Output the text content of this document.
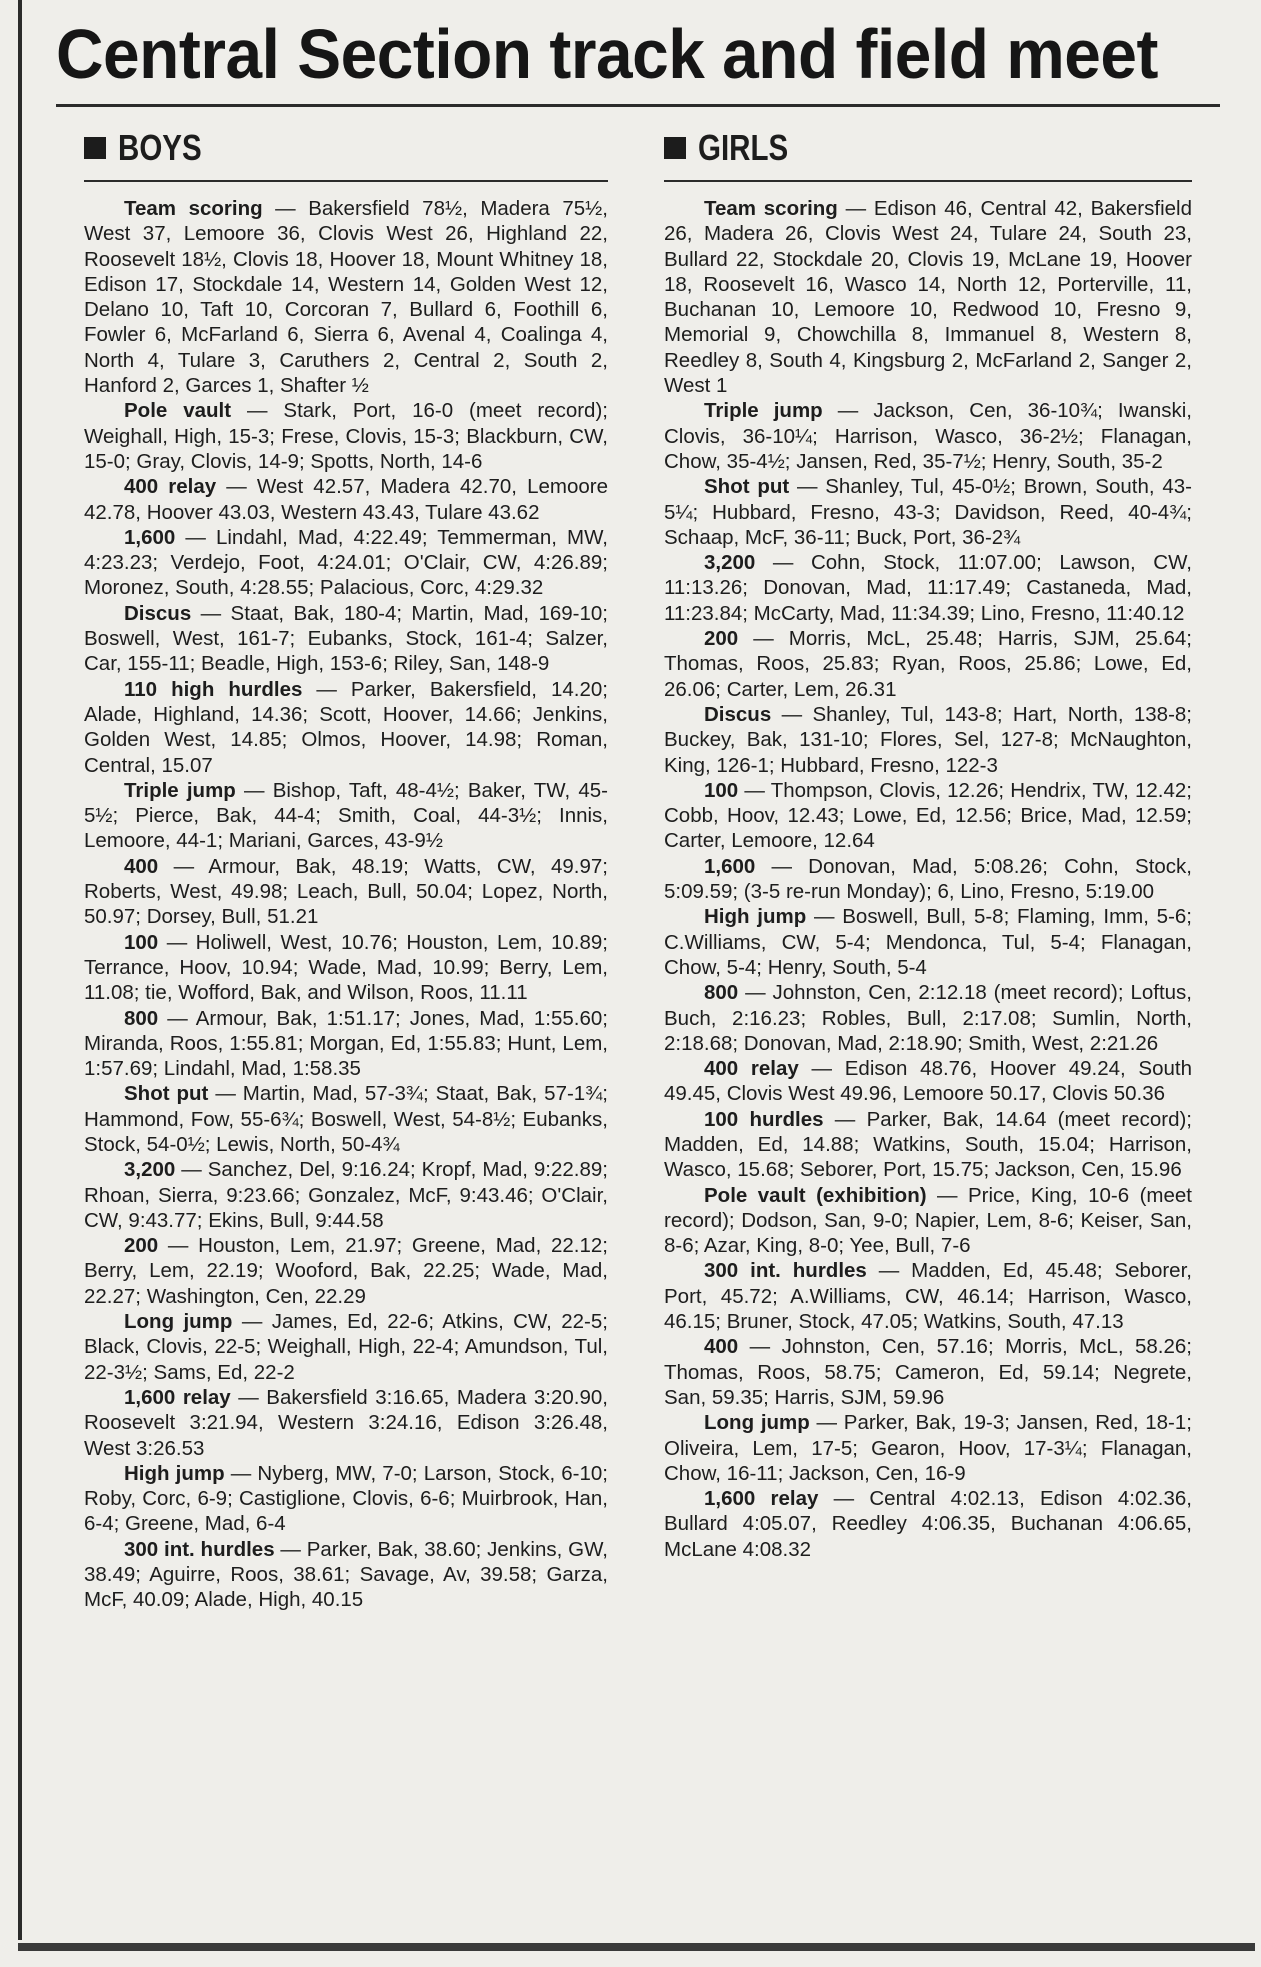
Central Section track and field meet
BOYS

Team scoring — Bakersfield 78½, Madera 75½, West 37, Lemoore 36, Clovis West 26, Highland 22, Roosevelt 18½, Clovis 18, Hoover 18, Mount Whitney 18, Edison 17, Stockdale 14, Western 14, Golden West 12, Delano 10, Taft 10, Corcoran 7, Bullard 6, Foothill 6, Fowler 6, McFarland 6, Sierra 6, Avenal 4, Coalinga 4, North 4, Tulare 3, Caruthers 2, Central 2, South 2, Hanford 2, Garces 1, Shafter ½

Pole vault — Stark, Port, 16-0 (meet record); Weighall, High, 15-3; Frese, Clovis, 15-3; Blackburn, CW, 15-0; Gray, Clovis, 14-9; Spotts, North, 14-6

400 relay — West 42.57, Madera 42.70, Lemoore 42.78, Hoover 43.03, Western 43.43, Tulare 43.62

1,600 — Lindahl, Mad, 4:22.49; Temmerman, MW, 4:23.23; Verdejo, Foot, 4:24.01; O'Clair, CW, 4:26.89; Moronez, South, 4:28.55; Palacious, Corc, 4:29.32

Discus — Staat, Bak, 180-4; Martin, Mad, 169-10; Boswell, West, 161-7; Eubanks, Stock, 161-4; Salzer, Car, 155-11; Beadle, High, 153-6; Riley, San, 148-9

110 high hurdles — Parker, Bakersfield, 14.20; Alade, Highland, 14.36; Scott, Hoover, 14.66; Jenkins, Golden West, 14.85; Olmos, Hoover, 14.98; Roman, Central, 15.07

Triple jump — Bishop, Taft, 48-4½; Baker, TW, 45-5½; Pierce, Bak, 44-4; Smith, Coal, 44-3½; Innis, Lemoore, 44-1; Mariani, Garces, 43-9½

400 — Armour, Bak, 48.19; Watts, CW, 49.97; Roberts, West, 49.98; Leach, Bull, 50.04; Lopez, North, 50.97; Dorsey, Bull, 51.21

100 — Holiwell, West, 10.76; Houston, Lem, 10.89; Terrance, Hoov, 10.94; Wade, Mad, 10.99; Berry, Lem, 11.08; tie, Wofford, Bak, and Wilson, Roos, 11.11

800 — Armour, Bak, 1:51.17; Jones, Mad, 1:55.60; Miranda, Roos, 1:55.81; Morgan, Ed, 1:55.83; Hunt, Lem, 1:57.69; Lindahl, Mad, 1:58.35

Shot put — Martin, Mad, 57-3¾; Staat, Bak, 57-1¾; Hammond, Fow, 55-6¾; Boswell, West, 54-8½; Eubanks, Stock, 54-0½; Lewis, North, 50-4¾

3,200 — Sanchez, Del, 9:16.24; Kropf, Mad, 9:22.89; Rhoan, Sierra, 9:23.66; Gonzalez, McF, 9:43.46; O'Clair, CW, 9:43.77; Ekins, Bull, 9:44.58

200 — Houston, Lem, 21.97; Greene, Mad, 22.12; Berry, Lem, 22.19; Wooford, Bak, 22.25; Wade, Mad, 22.27; Washington, Cen, 22.29

Long jump — James, Ed, 22-6; Atkins, CW, 22-5; Black, Clovis, 22-5; Weighall, High, 22-4; Amundson, Tul, 22-3½; Sams, Ed, 22-2

1,600 relay — Bakersfield 3:16.65, Madera 3:20.90, Roosevelt 3:21.94, Western 3:24.16, Edison 3:26.48, West 3:26.53

High jump — Nyberg, MW, 7-0; Larson, Stock, 6-10; Roby, Corc, 6-9; Castiglione, Clovis, 6-6; Muirbrook, Han, 6-4; Greene, Mad, 6-4

300 int. hurdles — Parker, Bak, 38.60; Jenkins, GW, 38.49; Aguirre, Roos, 38.61; Savage, Av, 39.58; Garza, McF, 40.09; Alade, High, 40.15

GIRLS

Team scoring — Edison 46, Central 42, Bakersfield 26, Madera 26, Clovis West 24, Tulare 24, South 23, Bullard 22, Stockdale 20, Clovis 19, McLane 19, Hoover 18, Roosevelt 16, Wasco 14, North 12, Porterville, 11, Buchanan 10, Lemoore 10, Redwood 10, Fresno 9, Memorial 9, Chowchilla 8, Immanuel 8, Western 8, Reedley 8, South 4, Kingsburg 2, McFarland 2, Sanger 2, West 1

Triple jump — Jackson, Cen, 36-10¾; Iwanski, Clovis, 36-10¼; Harrison, Wasco, 36-2½; Flanagan, Chow, 35-4½; Jansen, Red, 35-7½; Henry, South, 35-2

Shot put — Shanley, Tul, 45-0½; Brown, South, 43-5¼; Hubbard, Fresno, 43-3; Davidson, Reed, 40-4¾; Schaap, McF, 36-11; Buck, Port, 36-2¾

3,200 — Cohn, Stock, 11:07.00; Lawson, CW, 11:13.26; Donovan, Mad, 11:17.49; Castaneda, Mad, 11:23.84; McCarty, Mad, 11:34.39; Lino, Fresno, 11:40.12

200 — Morris, McL, 25.48; Harris, SJM, 25.64; Thomas, Roos, 25.83; Ryan, Roos, 25.86; Lowe, Ed, 26.06; Carter, Lem, 26.31

Discus — Shanley, Tul, 143-8; Hart, North, 138-8; Buckey, Bak, 131-10; Flores, Sel, 127-8; McNaughton, King, 126-1; Hubbard, Fresno, 122-3

100 — Thompson, Clovis, 12.26; Hendrix, TW, 12.42; Cobb, Hoov, 12.43; Lowe, Ed, 12.56; Brice, Mad, 12.59; Carter, Lemoore, 12.64

1,600 — Donovan, Mad, 5:08.26; Cohn, Stock, 5:09.59; (3-5 re-run Monday); 6, Lino, Fresno, 5:19.00

High jump — Boswell, Bull, 5-8; Flaming, Imm, 5-6; C.Williams, CW, 5-4; Mendonca, Tul, 5-4; Flanagan, Chow, 5-4; Henry, South, 5-4

800 — Johnston, Cen, 2:12.18 (meet record); Loftus, Buch, 2:16.23; Robles, Bull, 2:17.08; Sumlin, North, 2:18.68; Donovan, Mad, 2:18.90; Smith, West, 2:21.26

400 relay — Edison 48.76, Hoover 49.24, South 49.45, Clovis West 49.96, Lemoore 50.17, Clovis 50.36

100 hurdles — Parker, Bak, 14.64 (meet record); Madden, Ed, 14.88; Watkins, South, 15.04; Harrison, Wasco, 15.68; Seborer, Port, 15.75; Jackson, Cen, 15.96

Pole vault (exhibition) — Price, King, 10-6 (meet record); Dodson, San, 9-0; Napier, Lem, 8-6; Keiser, San, 8-6; Azar, King, 8-0; Yee, Bull, 7-6

300 int. hurdles — Madden, Ed, 45.48; Seborer, Port, 45.72; A.Williams, CW, 46.14; Harrison, Wasco, 46.15; Bruner, Stock, 47.05; Watkins, South, 47.13

400 — Johnston, Cen, 57.16; Morris, McL, 58.26; Thomas, Roos, 58.75; Cameron, Ed, 59.14; Negrete, San, 59.35; Harris, SJM, 59.96

Long jump — Parker, Bak, 19-3; Jansen, Red, 18-1; Oliveira, Lem, 17-5; Gearon, Hoov, 17-3¼; Flanagan, Chow, 16-11; Jackson, Cen, 16-9

1,600 relay — Central 4:02.13, Edison 4:02.36, Bullard 4:05.07, Reedley 4:06.35, Buchanan 4:06.65, McLane 4:08.32
